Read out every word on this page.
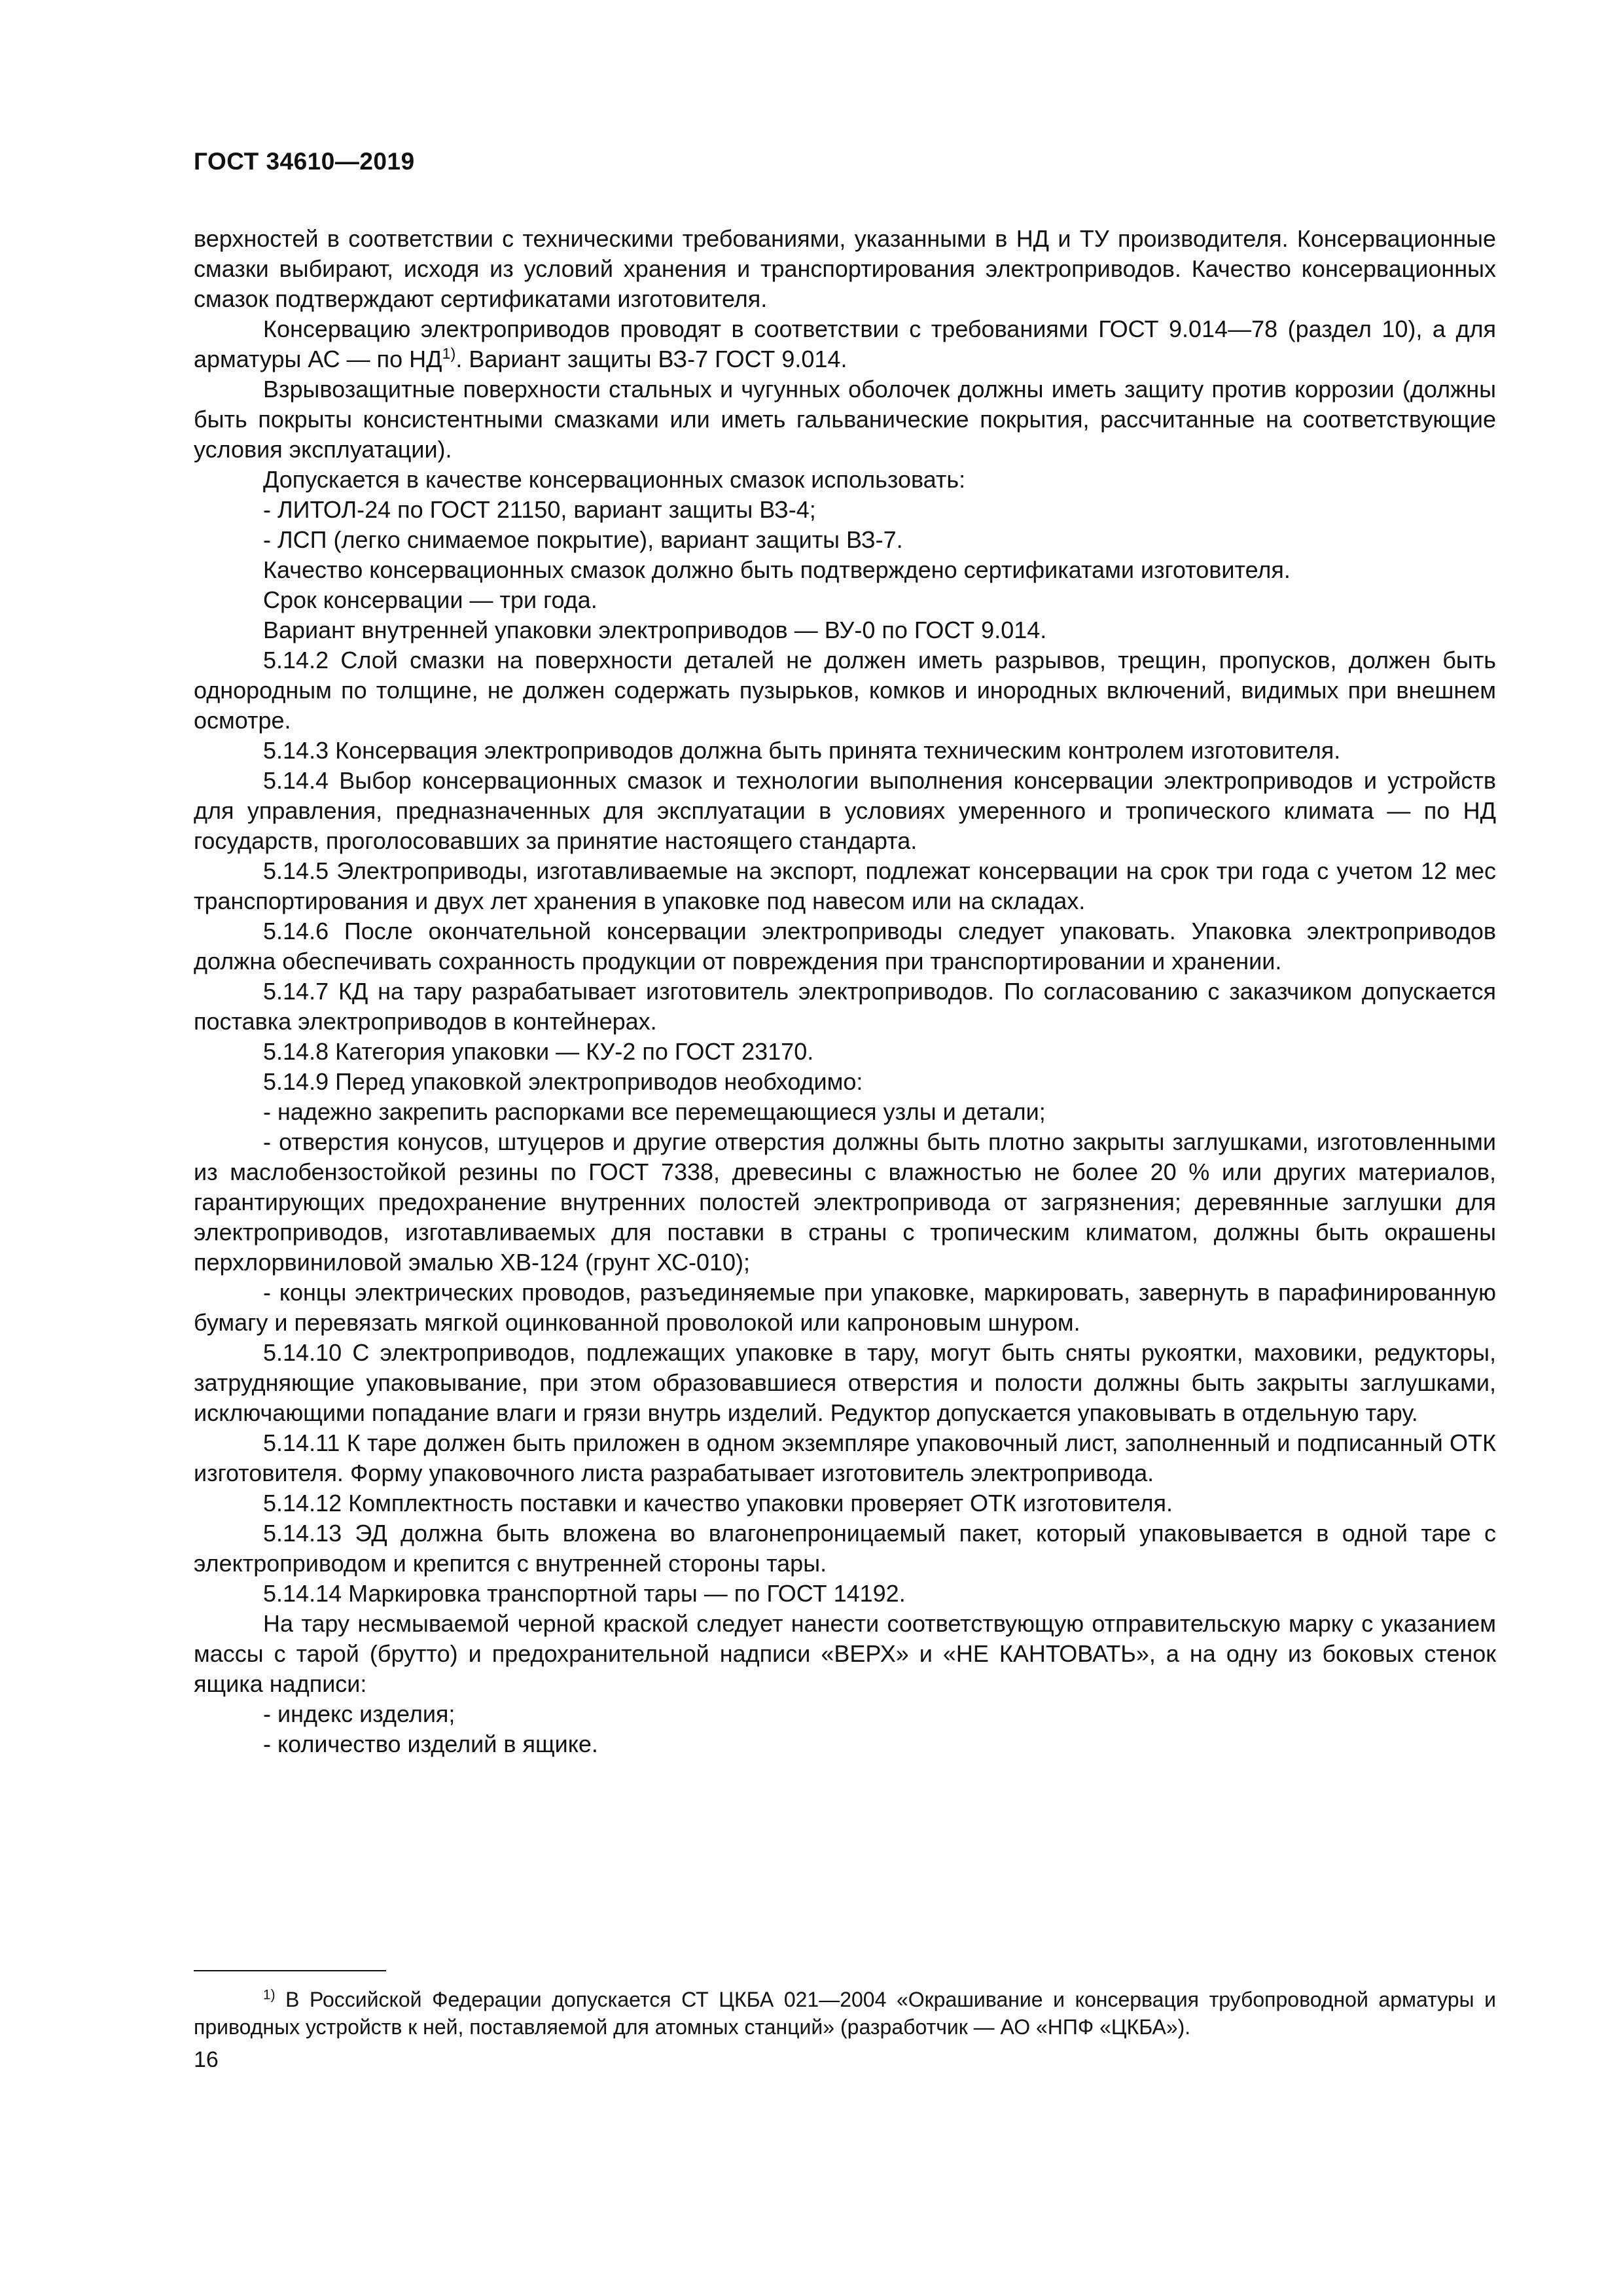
ГОСТ 34610—2019

верхностей в соответствии с техническими требованиями, указанными в НД и ТУ производителя. Консервационные смазки выбирают, исходя из условий хранения и транспортирования электроприводов. Качество консервационных смазок подтверждают сертификатами изготовителя.

Консервацию электроприводов проводят в соответствии с требованиями ГОСТ 9.014—78 (раздел 10), а для арматуры АС — по НД$^{1)}$. Вариант защиты ВЗ-7 ГОСТ 9.014.

Взрывозащитные поверхности стальных и чугунных оболочек должны иметь защиту против коррозии (должны быть покрыты консистентными смазками или иметь гальванические покрытия, рассчитанные на соответствующие условия эксплуатации).

Допускается в качестве консервационных смазок использовать:

- ЛИТОЛ-24 по ГОСТ 21150, вариант защиты ВЗ-4;

- ЛСП (легко снимаемое покрытие), вариант защиты ВЗ-7.

Качество консервационных смазок должно быть подтверждено сертификатами изготовителя.

Срок консервации — три года.

Вариант внутренней упаковки электроприводов — ВУ-0 по ГОСТ 9.014.

5.14.2 Слой смазки на поверхности деталей не должен иметь разрывов, трещин, пропусков, должен быть однородным по толщине, не должен содержать пузырьков, комков и инородных включений, видимых при внешнем осмотре.

5.14.3 Консервация электроприводов должна быть принята техническим контролем изготовителя.

5.14.4 Выбор консервационных смазок и технологии выполнения консервации электроприводов и устройств для управления, предназначенных для эксплуатации в условиях умеренного и тропического климата — по НД государств, проголосовавших за принятие настоящего стандарта.

5.14.5 Электроприводы, изготавливаемые на экспорт, подлежат консервации на срок три года с учетом 12 мес транспортирования и двух лет хранения в упаковке под навесом или на складах.

5.14.6 После окончательной консервации электроприводы следует упаковать. Упаковка электроприводов должна обеспечивать сохранность продукции от повреждения при транспортировании и хранении.

5.14.7 КД на тару разрабатывает изготовитель электроприводов. По согласованию с заказчиком допускается поставка электроприводов в контейнерах.

5.14.8 Категория упаковки — КУ-2 по ГОСТ 23170.

5.14.9 Перед упаковкой электроприводов необходимо:

- надежно закрепить распорками все перемещающиеся узлы и детали;

- отверстия конусов, штуцеров и другие отверстия должны быть плотно закрыты заглушками, изготовленными из маслобензостойкой резины по ГОСТ 7338, древесины с влажностью не более 20 % или других материалов, гарантирующих предохранение внутренних полостей электропривода от загрязнения; деревянные заглушки для электроприводов, изготавливаемых для поставки в страны с тропическим климатом, должны быть окрашены перхлорвиниловой эмалью ХВ-124 (грунт ХС-010);

- концы электрических проводов, разъединяемые при упаковке, маркировать, завернуть в парафинированную бумагу и перевязать мягкой оцинкованной проволокой или капроновым шнуром.

5.14.10 С электроприводов, подлежащих упаковке в тару, могут быть сняты рукоятки, маховики, редукторы, затрудняющие упаковывание, при этом образовавшиеся отверстия и полости должны быть закрыты заглушками, исключающими попадание влаги и грязи внутрь изделий. Редуктор допускается упаковывать в отдельную тару.

5.14.11 К таре должен быть приложен в одном экземпляре упаковочный лист, заполненный и подписанный ОТК изготовителя. Форму упаковочного листа разрабатывает изготовитель электропривода.

5.14.12 Комплектность поставки и качество упаковки проверяет ОТК изготовителя.

5.14.13 ЭД должна быть вложена во влагонепроницаемый пакет, который упаковывается в одной таре с электроприводом и крепится с внутренней стороны тары.

5.14.14 Маркировка транспортной тары — по ГОСТ 14192.

На тару несмываемой черной краской следует нанести соответствующую отправительскую марку с указанием массы с тарой (брутто) и предохранительной надписи «ВЕРХ» и «НЕ КАНТОВАТЬ», а на одну из боковых стенок ящика надписи:

- индекс изделия;

- количество изделий в ящике.

$^{1)}$ В Российской Федерации допускается СТ ЦКБА 021—2004 «Окрашивание и консервация трубопроводной арматуры и приводных устройств к ней, поставляемой для атомных станций» (разработчик — АО «НПФ «ЦКБА»).

16
